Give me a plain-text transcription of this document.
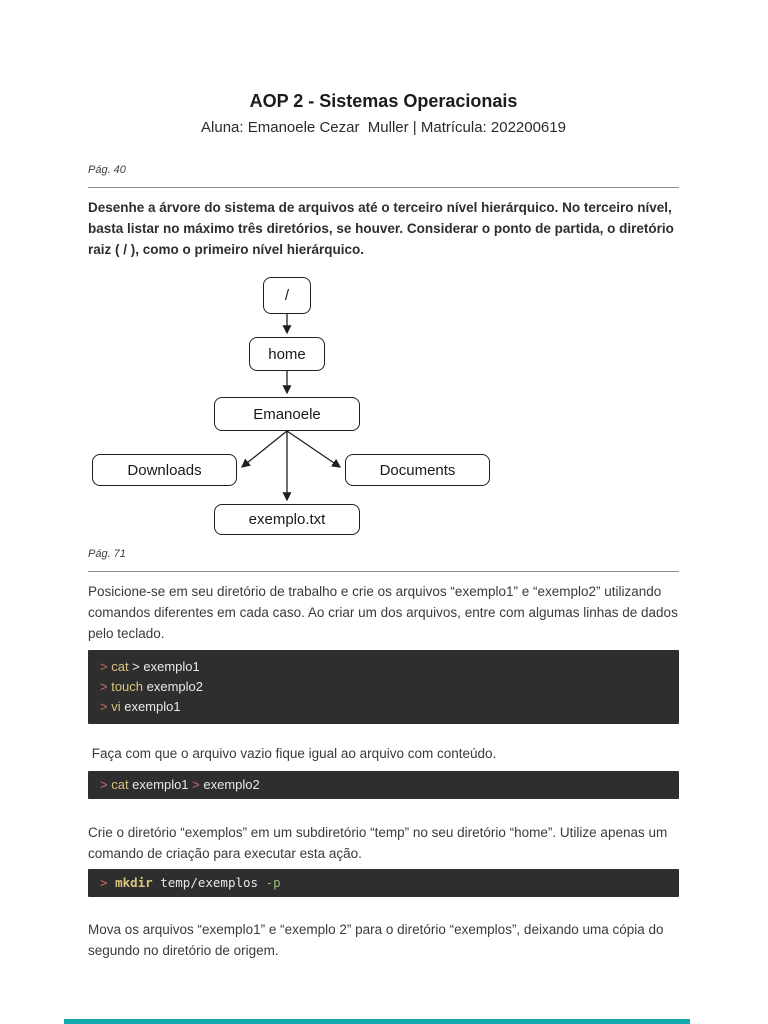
AOP 2 - Sistemas Operacionais
Aluna: Emanoele Cezar  Muller | Matrícula: 202200619
Pág. 40

Desenhe a árvore do sistema de arquivos até o terceiro nível hierárquico. No terceiro nível, basta listar no máximo três diretórios, se houver. Considerar o ponto de partida, o diretório raiz ( / ), como o primeiro nível hierárquico.

/
home
Emanoele
Downloads	Documents
exemplo.txt
Pág. 71

Posicione-se em seu diretório de trabalho e crie os arquivos “exemplo1” e “exemplo2” utilizando comandos diferentes em cada caso. Ao criar um dos arquivos, entre com algumas linhas de dados pelo teclado.

> cat > exemplo1
> touch exemplo2
> vi exemplo1

Faça com que o arquivo vazio fique igual ao arquivo com conteúdo.

> cat exemplo1 > exemplo2

Crie o diretório “exemplos” em um subdiretório “temp” no seu diretório “home”. Utilize apenas um comando de criação para executar esta ação.

> mkdir temp/exemplos -p

Mova os arquivos “exemplo1” e “exemplo 2” para o diretório “exemplos”, deixando uma cópia do segundo no diretório de origem.
